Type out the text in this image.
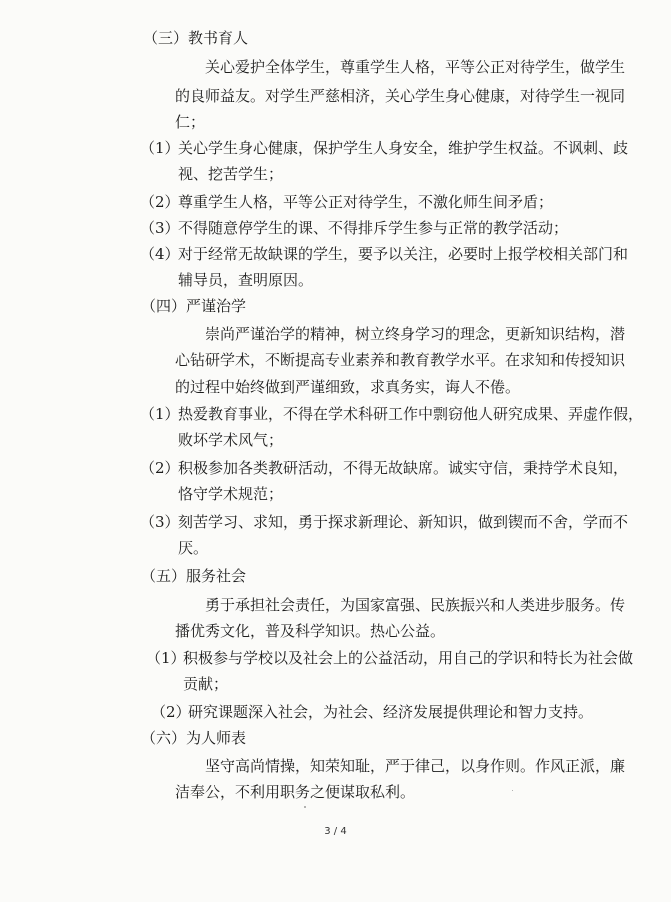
（三）教书育人
关心爱护全体学生，尊重学生人格，平等公正对待学生，做学生
的良师益友。对学生严慈相济，关心学生身心健康，对待学生一视同
仁；
（1）
关心学生身心健康，保护学生人身安全，维护学生权益。不讽刺、歧
视、挖苦学生；
（2）
尊重学生人格，平等公正对待学生，不激化师生间矛盾；
（3）
不得随意停学生的课、不得排斥学生参与正常的教学活动；
（4）
对于经常无故缺课的学生，要予以关注，必要时上报学校相关部门和
辅导员，查明原因。
（四）严谨治学
崇尚严谨治学的精神，树立终身学习的理念，更新知识结构，潜
心钻研学术，不断提高专业素养和教育教学水平。在求知和传授知识
的过程中始终做到严谨细致，求真务实，诲人不倦。
（1）
热爱教育事业，不得在学术科研工作中剽窃他人研究成果、弄虚作假，
败坏学术风气；
（2）
积极参加各类教研活动，不得无故缺席。诚实守信，秉持学术良知，
恪守学术规范；
（3）
刻苦学习、求知，勇于探求新理论、新知识，做到锲而不舍，学而不
厌。
（五）服务社会
勇于承担社会责任，为国家富强、民族振兴和人类进步服务。传
播优秀文化，普及科学知识。热心公益。
（1）
积极参与学校以及社会上的公益活动，用自己的学识和特长为社会做
贡献；
（2）
研究课题深入社会，为社会、经济发展提供理论和智力支持。
（六）为人师表
坚守高尚情操，知荣知耻，严于律己，以身作则。作风正派，廉
洁奉公，不利用职务之便谋取私利。
3 / 4
